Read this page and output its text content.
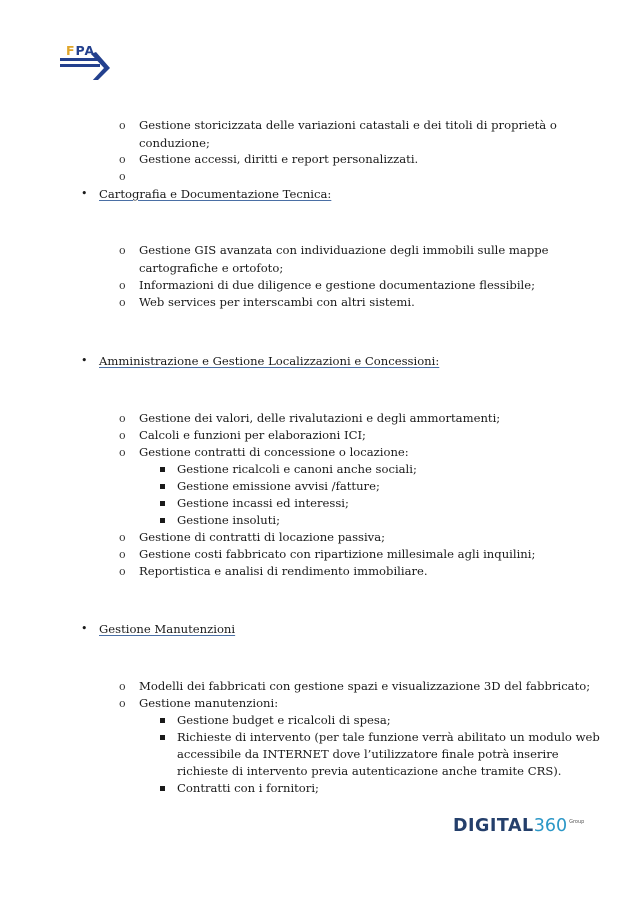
FPA
o Gestione storicizzata delle variazioni catastali e dei titoli di proprietà o
conduzione;
o Gestione accessi, diritti e report personalizzati.
o
• Cartografia e Documentazione Tecnica:
o Gestione GIS avanzata con individuazione degli immobili sulle mappe
cartografiche e ortofoto;
o Informazioni di due diligence e gestione documentazione flessibile;
o Web services per interscambi con altri sistemi.
• Amministrazione e Gestione Localizzazioni e Concessioni:
o Gestione dei valori, delle rivalutazioni e degli ammortamenti;
o Calcoli e funzioni per elaborazioni ICI;
o Gestione contratti di concessione o locazione:
Gestione ricalcoli e canoni anche sociali;
Gestione emissione avvisi /fatture;
Gestione incassi ed interessi;
Gestione insoluti;
o Gestione di contratti di locazione passiva;
o Gestione costi fabbricato con ripartizione millesimale agli inquilini;
o Reportistica e analisi di rendimento immobiliare.
• Gestione Manutenzioni
o Modelli dei fabbricati con gestione spazi e visualizzazione 3D del fabbricato;
o Gestione manutenzioni:
Gestione budget e ricalcoli di spesa;
Richieste di intervento (per tale funzione verrà abilitato un modulo web
accessibile da INTERNET dove l’utilizzatore finale potrà inserire
richieste di intervento previa autenticazione anche tramite CRS).
Contratti con i fornitori;
DIGITAL360 $^{Group}$
